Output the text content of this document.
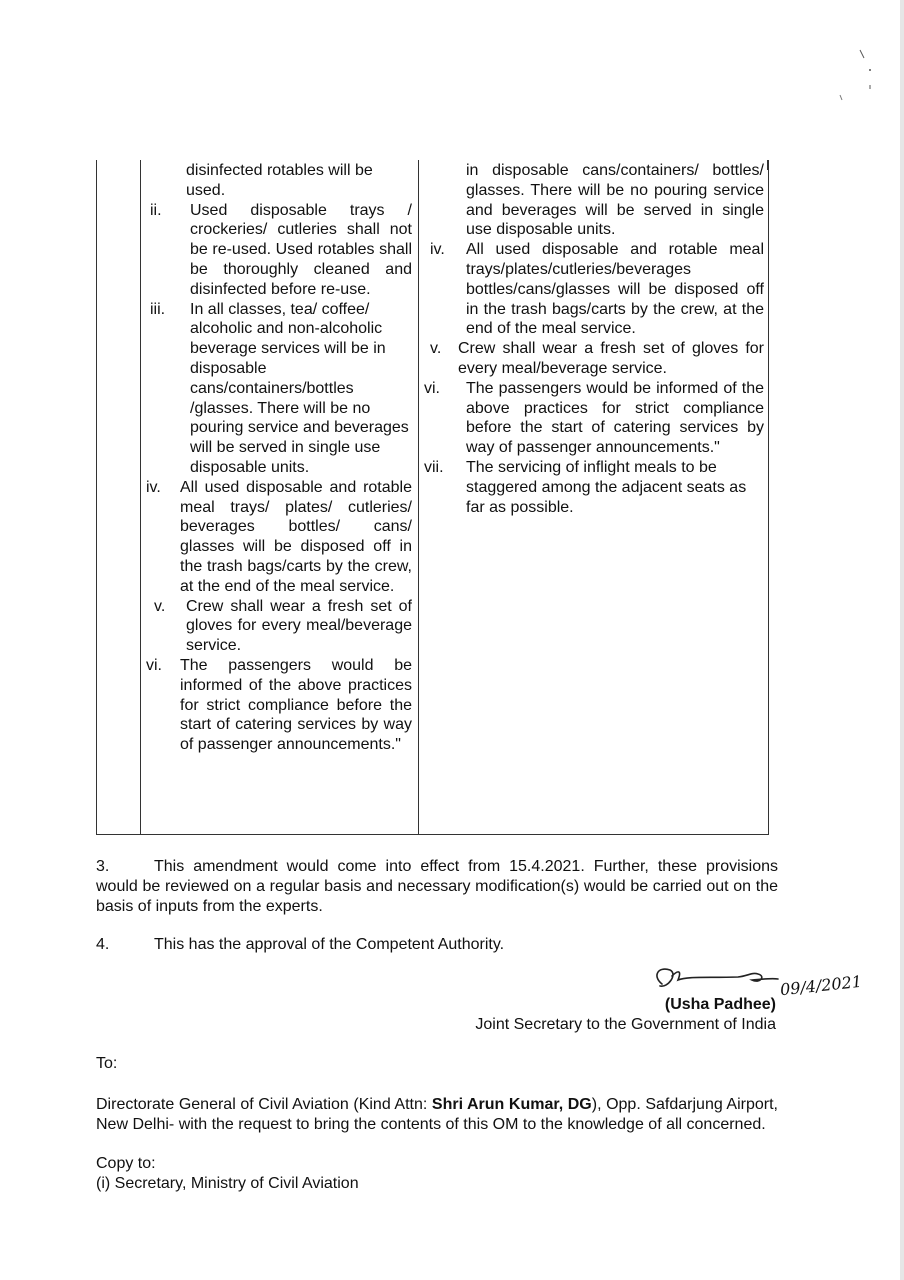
disinfected rotables will be used.
ii.	Used disposable trays / crockeries/ cutleries shall not be re-used. Used rotables shall be thoroughly cleaned and disinfected before re-use.
iii.	In all classes, tea/ coffee/ alcoholic and non-alcoholic beverage services will be in disposable cans/containers/bottles /glasses. There will be no pouring service and beverages will be served in single use disposable units.
iv.	All used disposable and rotable meal trays/ plates/ cutleries/ beverages bottles/ cans/ glasses will be disposed off in the trash bags/carts by the crew, at the end of the meal service.
v.	Crew shall wear a fresh set of gloves for every meal/beverage service.
vi.	The passengers would be informed of the above practices for strict compliance before the start of catering services by way of passenger announcements."
in disposable cans/containers/ bottles/ glasses. There will be no pouring service and beverages will be served in single use disposable units.
iv.	All used disposable and rotable meal trays/plates/cutleries/beverages bottles/cans/glasses will be disposed off in the trash bags/carts by the crew, at the end of the meal service.
v.	Crew shall wear a fresh set of gloves for every meal/beverage service.
vi.	The passengers would be informed of the above practices for strict compliance before the start of catering services by way of passenger announcements."
vii.	The servicing of inflight meals to be staggered among the adjacent seats as far as possible.
3.	This amendment would come into effect from 15.4.2021. Further, these provisions would be reviewed on a regular basis and necessary modification(s) would be carried out on the basis of inputs from the experts.
4.	This has the approval of the Competent Authority.
09/4/2021
(Usha Padhee)
Joint Secretary to the Government of India
To:
Directorate General of Civil Aviation (Kind Attn: Shri Arun Kumar, DG), Opp. Safdarjung Airport, New Delhi- with the request to bring the contents of this OM to the knowledge of all concerned.
Copy to:
(i) Secretary, Ministry of Civil Aviation
